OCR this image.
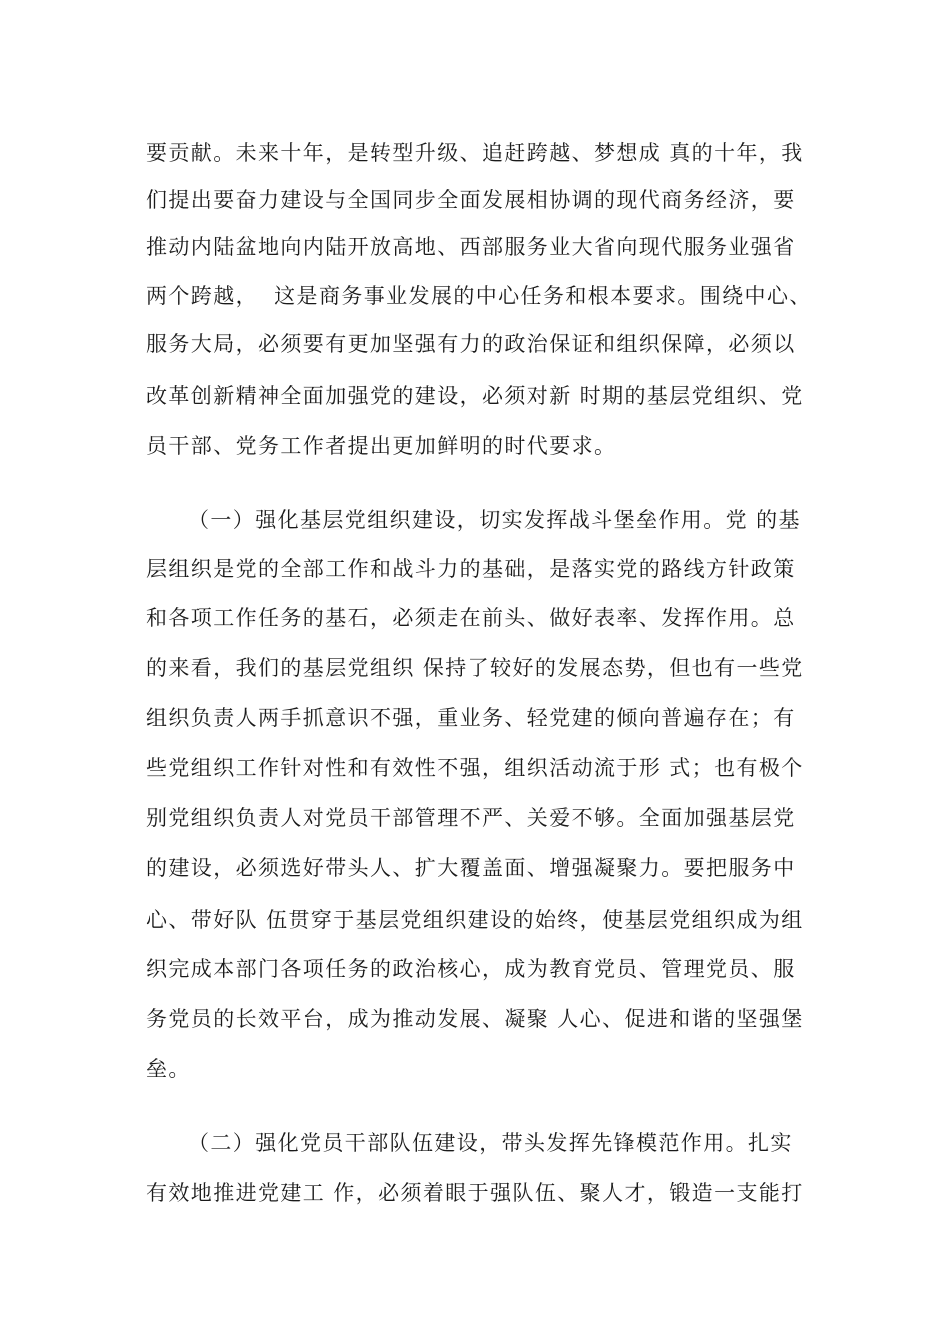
要贡献。未来十年，是转型升级、追赶跨越、梦想成 真的十年，我
们提出要奋力建设与全国同步全面发展相协调的现代商务经济，要
推动内陆盆地向内陆开放高地、西部服务业大省向现代服务业强省
两个跨越，  这是商务事业发展的中心任务和根本要求。围绕中心、
服务大局，必须要有更加坚强有力的政治保证和组织保障，必须以
改革创新精神全面加强党的建设，必须对新 时期的基层党组织、党
员干部、党务工作者提出更加鲜明的时代要求。
（一）强化基层党组织建设，切实发挥战斗堡垒作用。党 的基
层组织是党的全部工作和战斗力的基础，是落实党的路线方针政策
和各项工作任务的基石，必须走在前头、做好表率、发挥作用。总
的来看，我们的基层党组织 保持了较好的发展态势，但也有一些党
组织负责人两手抓意识不强，重业务、轻党建的倾向普遍存在；有
些党组织工作针对性和有效性不强，组织活动流于形 式；也有极个
别党组织负责人对党员干部管理不严、关爱不够。全面加强基层党
的建设，必须选好带头人、扩大覆盖面、增强凝聚力。要把服务中
心、带好队 伍贯穿于基层党组织建设的始终，使基层党组织成为组
织完成本部门各项任务的政治核心，成为教育党员、管理党员、服
务党员的长效平台，成为推动发展、凝聚 人心、促进和谐的坚强堡
垒。
（二）强化党员干部队伍建设，带头发挥先锋模范作用。扎实
有效地推进党建工 作，必须着眼于强队伍、聚人才，锻造一支能打
